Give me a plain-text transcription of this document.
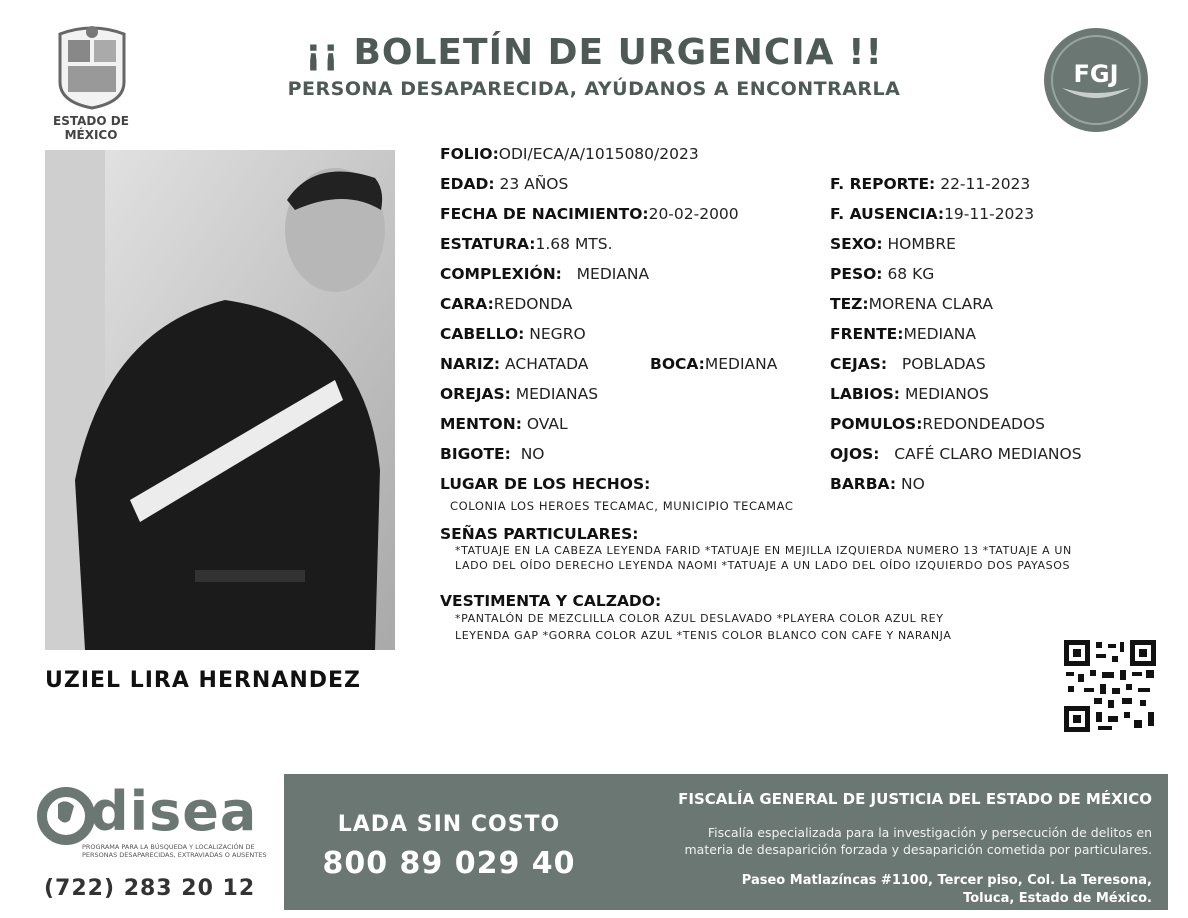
ESTADO DE MÉXICO
¡¡ BOLETÍN DE URGENCIA !!
PERSONA DESAPARECIDA, AYÚDANOS A ENCONTRARLA
FGJ
UZIEL LIRA HERNANDEZ
FOLIO:ODI/ECA/A/1015080/2023
EDAD: 23 AÑOS
FECHA DE NACIMIENTO:20-02-2000
ESTATURA:1.68 MTS.
COMPLEXIÓN: MEDIANA
CARA:REDONDA
CABELLO: NEGRO
NARIZ: ACHATADA	BOCA:MEDIANA
OREJAS: MEDIANAS
MENTON: OVAL
BIGOTE: NO
LUGAR DE LOS HECHOS:
COLONIA LOS HEROES TECAMAC, MUNICIPIO TECAMAC
F. REPORTE: 22-11-2023
F. AUSENCIA:19-11-2023
SEXO: HOMBRE
PESO: 68 KG
TEZ:MORENA CLARA
FRENTE:MEDIANA
CEJAS: POBLADAS
LABIOS: MEDIANOS
POMULOS:REDONDEADOS
OJOS: CAFÉ CLARO MEDIANOS
BARBA: NO
SEÑAS PARTICULARES:
*TATUAJE EN LA CABEZA LEYENDA FARID *TATUAJE EN MEJILLA IZQUIERDA NUMERO 13 *TATUAJE A UN
LADO DEL OÍDO DERECHO LEYENDA NAOMI *TATUAJE A UN LADO DEL OÍDO IZQUIERDO DOS PAYASOS
VESTIMENTA Y CALZADO:
*PANTALÓN DE MEZCLILLA COLOR AZUL DESLAVADO *PLAYERA COLOR AZUL REY
LEYENDA GAP *GORRA COLOR AZUL *TENIS COLOR BLANCO CON CAFE Y NARANJA
disea
PROGRAMA PARA LA BÚSQUEDA Y LOCALIZACIÓN DE PERSONAS DESAPARECIDAS, EXTRAVIADAS O AUSENTES
(722) 283 20 12
LADA SIN COSTO
800 89 029 40
FISCALÍA GENERAL DE JUSTICIA DEL ESTADO DE MÉXICO
Fiscalía especializada para la investigación y persecución de delitos en
materia de desaparición forzada y desaparición cometida por particulares.
Paseo Matlazíncas #1100, Tercer piso, Col. La Teresona,
Toluca, Estado de México.
